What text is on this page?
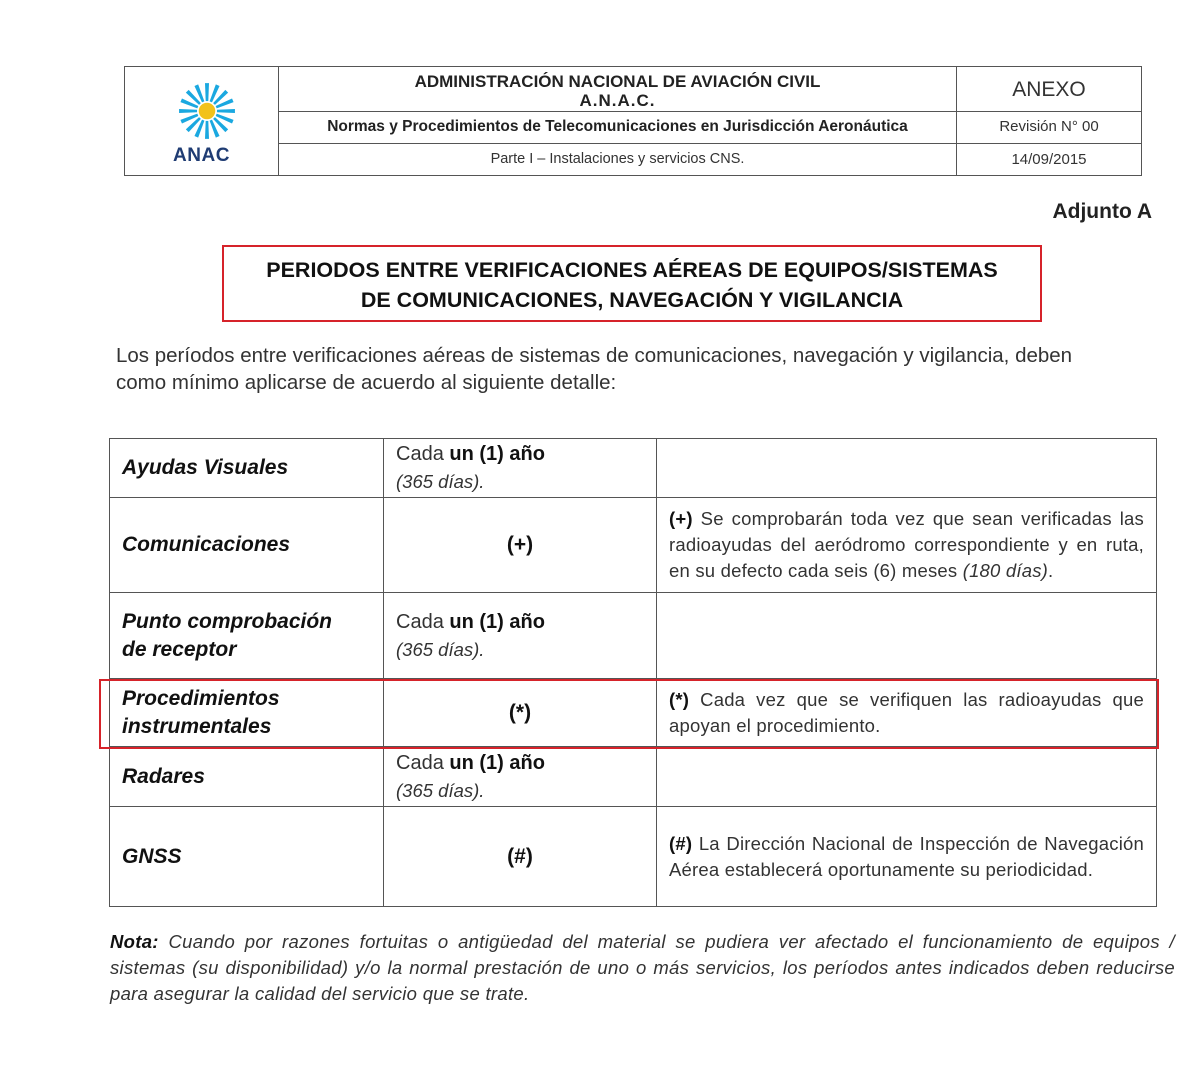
ANAC
ADMINISTRACIÓN NACIONAL DE AVIACIÓN CIVIL
A.N.A.C.
Normas y Procedimientos de Telecomunicaciones en Jurisdicción Aeronáutica
Parte I – Instalaciones y servicios CNS.
ANEXO
Revisión N° 00
14/09/2015
Adjunto A
PERIODOS ENTRE VERIFICACIONES AÉREAS DE EQUIPOS/SISTEMAS
DE COMUNICACIONES, NAVEGACIÓN Y VIGILANCIA
Los períodos entre verificaciones aéreas de sistemas de comunicaciones, navegación y vigilancia, deben como mínimo aplicarse de acuerdo al siguiente detalle:
Ayudas Visuales	Cada un (1) año
(365 días).	

Comunicaciones	(+)	(+) Se comprobarán toda vez que sean verificadas las radioayudas del aeródromo correspondiente y en ruta, en su defecto cada seis (6) meses (180 días).
Punto comprobación de receptor	Cada un (1) año
(365 días).	

Procedimientos instrumentales	(*)	(*) Cada vez que se verifiquen las radioayudas que apoyan el procedimiento.
Radares	Cada un (1) año
(365 días).	

GNSS	(#)	(#) La Dirección Nacional de Inspección de Navegación Aérea establecerá oportunamente su periodicidad.
Nota: Cuando por razones fortuitas o antigüedad del material se pudiera ver afectado el funcionamiento de equipos / sistemas (su disponibilidad) y/o la normal prestación de uno o más servicios, los períodos antes indicados deben reducirse para asegurar la calidad del servicio que se trate.
